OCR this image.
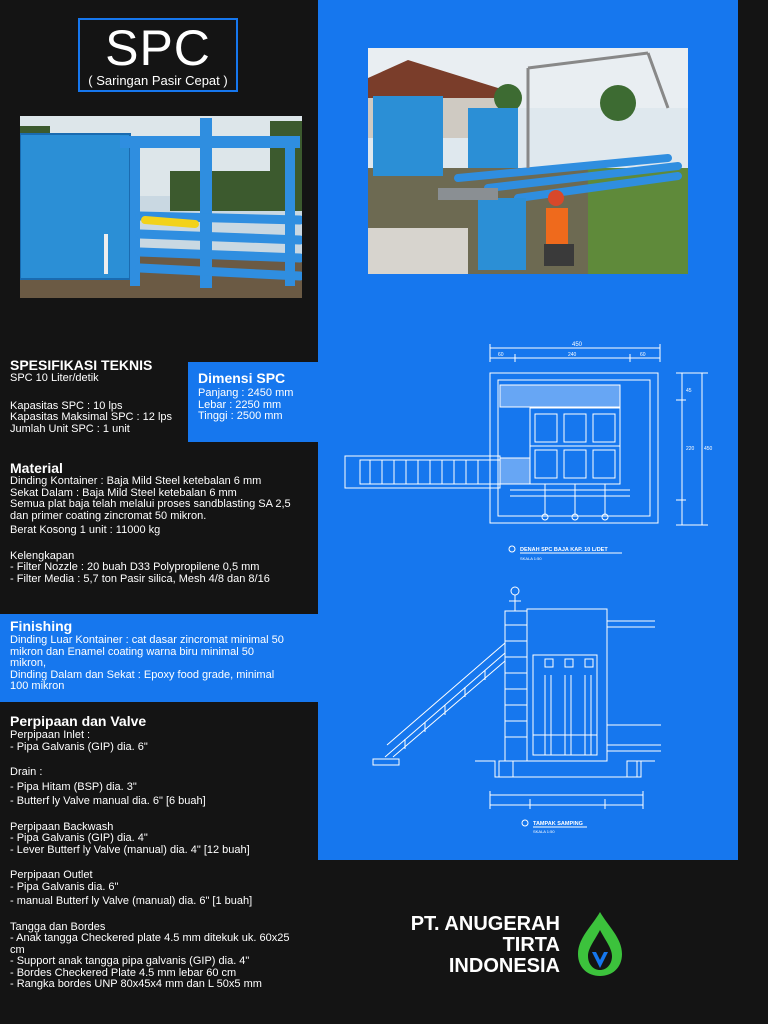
SPC
( Saringan Pasir Cepat )
SPESIFIKASI TEKNIS
SPC 10 Liter/detik
Kapasitas SPC : 10 lps
Kapasitas Maksimal SPC : 12 lps
Jumlah Unit SPC : 1 unit
Dimensi SPC
Panjang : 2450 mm
Lebar : 2250 mm
Tinggi : 2500 mm
Material
Dinding Kontainer : Baja Mild Steel ketebalan 6 mm
Sekat Dalam : Baja Mild Steel ketebalan 6 mm
Semua plat baja telah melalui proses sandblasting SA 2,5
dan primer coating zincromat 50 mikron.
Berat Kosong 1 unit : 11000 kg
Kelengkapan
- Filter Nozzle : 20 buah D33 Polypropilene 0,5 mm
- Filter Media : 5,7 ton Pasir silica, Mesh 4/8 dan 8/16
Finishing
Dinding Luar Kontainer : cat dasar zincromat minimal 50
mikron dan Enamel coating warna biru minimal 50
mikron,
Dinding Dalam dan Sekat : Epoxy food grade, minimal
100 mikron
Perpipaan dan Valve
Perpipaan Inlet :
- Pipa Galvanis (GIP) dia. 6"
Drain :
- Pipa Hitam (BSP) dia. 3"
- Butterf ly Valve manual dia. 6" [6 buah]
Perpipaan Backwash
- Pipa Galvanis (GIP) dia. 4"
- Lever Butterf ly Valve (manual) dia. 4" [12 buah]
Perpipaan Outlet
- Pipa Galvanis dia. 6"
- manual Butterf ly Valve (manual) dia. 6" [1 buah]
Tangga dan Bordes
- Anak tangga Checkered plate 4.5 mm ditekuk uk. 60x25
cm
- Support anak tangga pipa galvanis (GIP) dia. 4"
- Bordes Checkered Plate 4.5 mm lebar 60 cm
- Rangka bordes UNP 80x45x4 mm dan L 50x5 mm
450
60	240	60
45
220 450
DENAH SPC BAJA KAP. 10 L/DET
SKALA 1:50
TAMPAK SAMPING
SKALA 1:50
PT. ANUGERAH
TIRTA
INDONESIA
